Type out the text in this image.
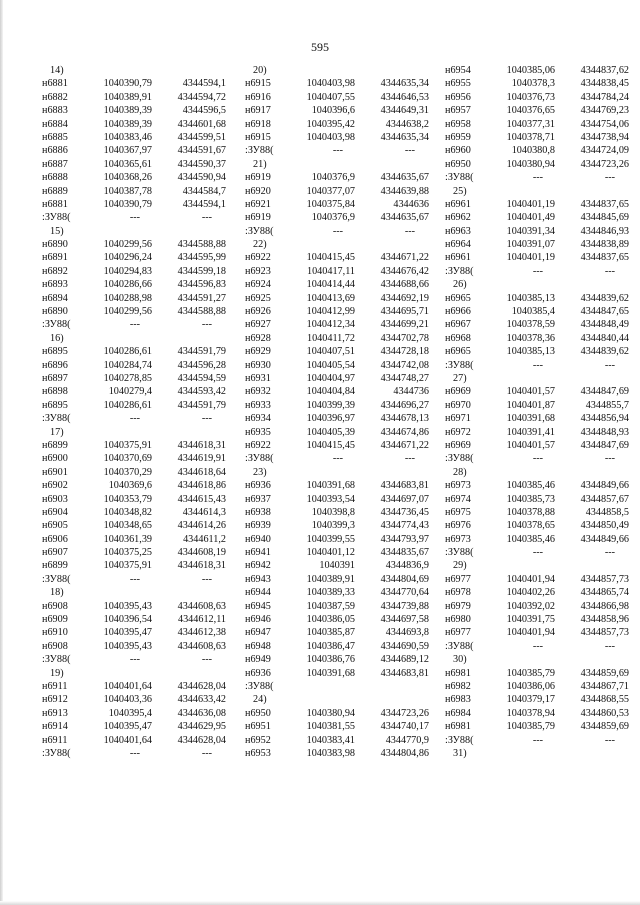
595
14)
н6881	1040390,79	4344594,1
н6882	1040389,91	4344594,72
н6883	1040389,39	4344596,5
н6884	1040389,39	4344601,68
н6885	1040383,46	4344599,51
н6886	1040367,97	4344591,67
н6887	1040365,61	4344590,37
н6888	1040368,26	4344590,94
н6889	1040387,78	4344584,7
н6881	1040390,79	4344594,1
:ЗУ88(	---	---
15)
н6890	1040299,56	4344588,88
н6891	1040296,24	4344595,99
н6892	1040294,83	4344599,18
н6893	1040286,66	4344596,83
н6894	1040288,98	4344591,27
н6890	1040299,56	4344588,88
:ЗУ88(	---	---
16)
н6895	1040286,61	4344591,79
н6896	1040284,74	4344596,28
н6897	1040278,85	4344594,59
н6898	1040279,4	4344593,42
н6895	1040286,61	4344591,79
:ЗУ88(	---	---
17)
н6899	1040375,91	4344618,31
н6900	1040370,69	4344619,91
н6901	1040370,29	4344618,64
н6902	1040369,6	4344618,86
н6903	1040353,79	4344615,43
н6904	1040348,82	4344614,3
н6905	1040348,65	4344614,26
н6906	1040361,39	4344611,2
н6907	1040375,25	4344608,19
н6899	1040375,91	4344618,31
:ЗУ88(	---	---
18)
н6908	1040395,43	4344608,63
н6909	1040396,54	4344612,11
н6910	1040395,47	4344612,38
н6908	1040395,43	4344608,63
:ЗУ88(	---	---
19)
н6911	1040401,64	4344628,04
н6912	1040403,36	4344633,42
н6913	1040395,4	4344636,08
н6914	1040395,47	4344629,95
н6911	1040401,64	4344628,04
:ЗУ88(	---	---
20)
н6915	1040403,98	4344635,34
н6916	1040407,55	4344646,53
н6917	1040396,6	4344649,31
н6918	1040395,42	4344638,2
н6915	1040403,98	4344635,34
:ЗУ88(	---	---
21)
н6919	1040376,9	4344635,67
н6920	1040377,07	4344639,88
н6921	1040375,84	4344636
н6919	1040376,9	4344635,67
:ЗУ88(	---	---
22)
н6922	1040415,45	4344671,22
н6923	1040417,11	4344676,42
н6924	1040414,44	4344688,66
н6925	1040413,69	4344692,19
н6926	1040412,99	4344695,71
н6927	1040412,34	4344699,21
н6928	1040411,72	4344702,78
н6929	1040407,51	4344728,18
н6930	1040405,54	4344742,08
н6931	1040404,97	4344748,27
н6932	1040404,84	4344736
н6933	1040399,39	4344696,27
н6934	1040396,97	4344678,13
н6935	1040405,39	4344674,86
н6922	1040415,45	4344671,22
:ЗУ88(	---	---
23)
н6936	1040391,68	4344683,81
н6937	1040393,54	4344697,07
н6938	1040398,8	4344736,45
н6939	1040399,3	4344774,43
н6940	1040399,55	4344793,97
н6941	1040401,12	4344835,67
н6942	1040391	4344836,9
н6943	1040389,91	4344804,69
н6944	1040389,33	4344770,64
н6945	1040387,59	4344739,88
н6946	1040386,05	4344697,58
н6947	1040385,87	4344693,8
н6948	1040386,47	4344690,59
н6949	1040386,76	4344689,12
н6936	1040391,68	4344683,81
:ЗУ88(
24)
н6950	1040380,94	4344723,26
н6951	1040381,55	4344740,17
н6952	1040383,41	4344770,9
н6953	1040383,98	4344804,86
н6954	1040385,06	4344837,62
н6955	1040378,3	4344838,45
н6956	1040376,73	4344784,24
н6957	1040376,65	4344769,23
н6958	1040377,31	4344754,06
н6959	1040378,71	4344738,94
н6960	1040380,8	4344724,09
н6950	1040380,94	4344723,26
:ЗУ88(	---	---
25)
н6961	1040401,19	4344837,65
н6962	1040401,49	4344845,69
н6963	1040391,34	4344846,93
н6964	1040391,07	4344838,89
н6961	1040401,19	4344837,65
:ЗУ88(	---	---
26)
н6965	1040385,13	4344839,62
н6966	1040385,4	4344847,65
н6967	1040378,59	4344848,49
н6968	1040378,36	4344840,44
н6965	1040385,13	4344839,62
:ЗУ88(	---	---
27)
н6969	1040401,57	4344847,69
н6970	1040401,87	4344855,7
н6971	1040391,68	4344856,94
н6972	1040391,41	4344848,93
н6969	1040401,57	4344847,69
:ЗУ88(	---	---
28)
н6973	1040385,46	4344849,66
н6974	1040385,73	4344857,67
н6975	1040378,88	4344858,5
н6976	1040378,65	4344850,49
н6973	1040385,46	4344849,66
:ЗУ88(	---	---
29)
н6977	1040401,94	4344857,73
н6978	1040402,26	4344865,74
н6979	1040392,02	4344866,98
н6980	1040391,75	4344858,96
н6977	1040401,94	4344857,73
:ЗУ88(	---	---
30)
н6981	1040385,79	4344859,69
н6982	1040386,06	4344867,71
н6983	1040379,17	4344868,55
н6984	1040378,94	4344860,53
н6981	1040385,79	4344859,69
:ЗУ88(	---	---
31)
